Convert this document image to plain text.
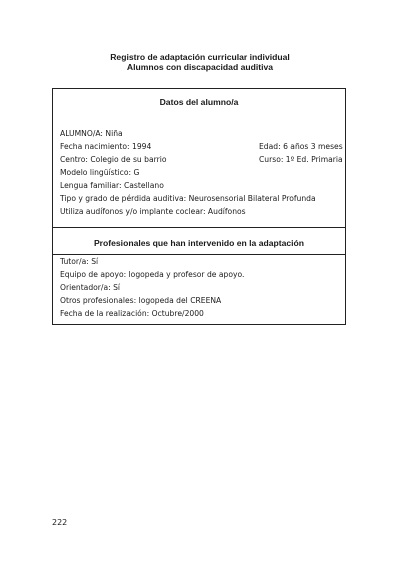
Registro de adaptación curricular individual
Alumnos con discapacidad auditiva
Datos del alumno/a
ALUMNO/A: Niña
Fecha nacimiento: 1994	Edad: 6 años 3 meses
Centro: Colegio de su barrio	Curso: 1º Ed. Primaria
Modelo lingüístico: G
Lengua familiar: Castellano
Tipo y grado de pérdida auditiva: Neurosensorial Bilateral Profunda
Utiliza audífonos y/o implante coclear: Audífonos
Profesionales que han intervenido en la adaptación
Tutor/a: Sí
Equipo de apoyo: logopeda y profesor de apoyo.
Orientador/a: Sí
Otros profesionales: logopeda del CREENA
Fecha de la realización: Octubre/2000
222
